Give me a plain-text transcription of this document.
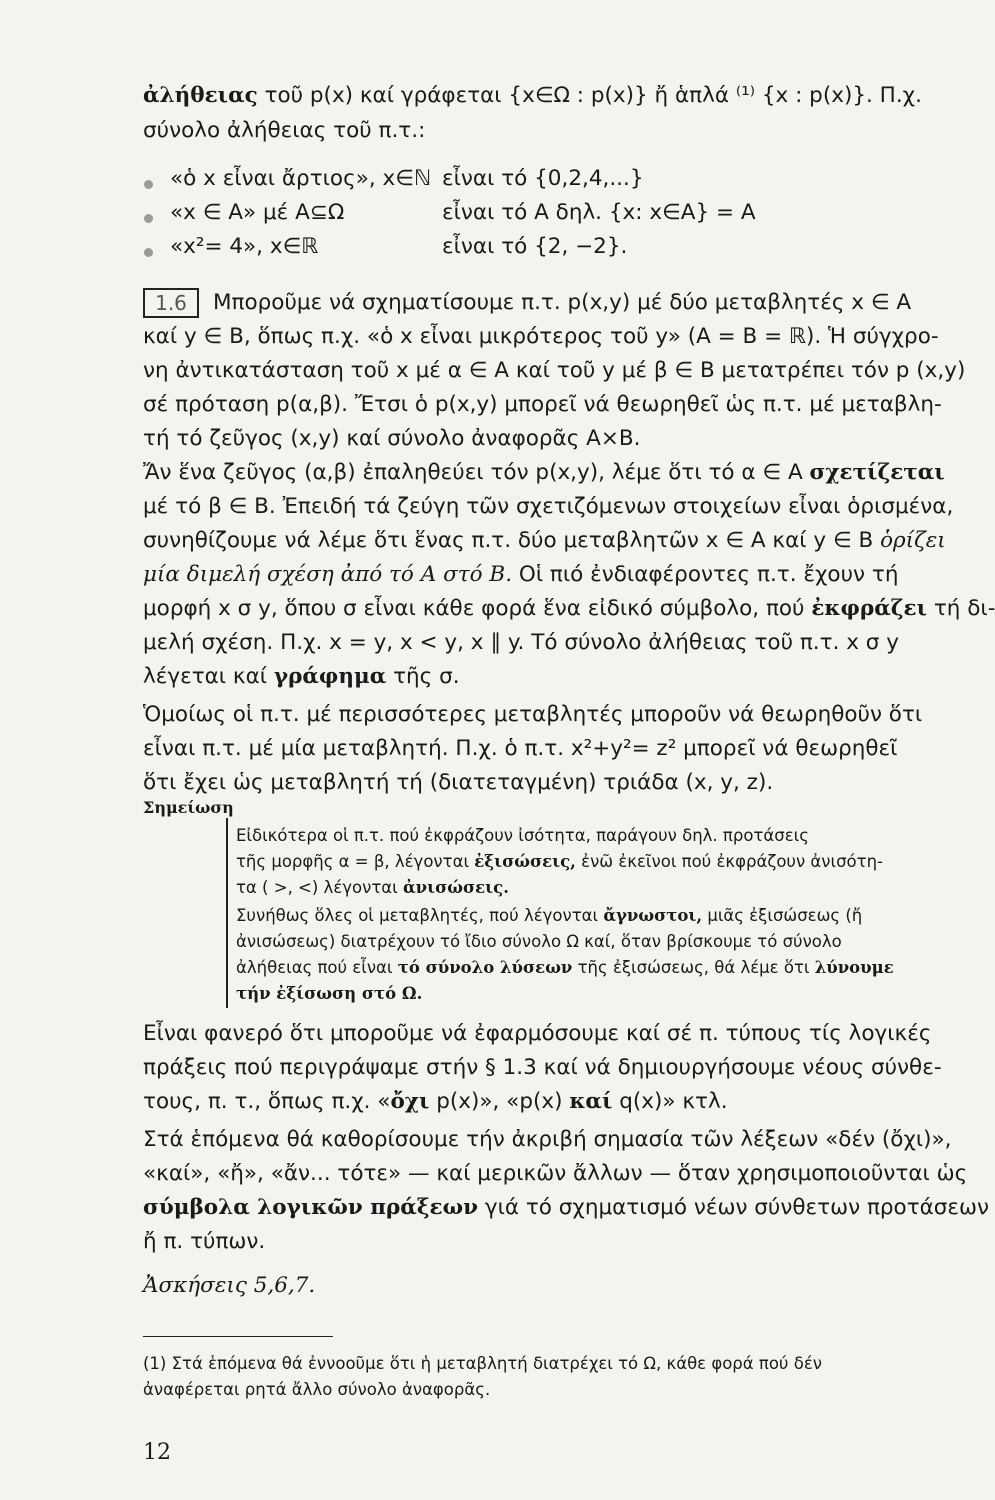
ἀλήθειας τοῦ p(x) καί γράφεται {x∈Ω : p(x)} ἤ ἁπλά ⁽¹⁾ {x : p(x)}. Π.χ.
σύνολο ἀλήθειας τοῦ π.τ.:
«ὁ x εἶναι ἄρτιος», x∈ℕ εἶναι τό {0,2,4,...}
«x ∈ A» μέ A⊆Ω	εἶναι τό A δηλ. {x: x∈A} = A
«x²= 4», x∈ℝ	εἶναι τό {2, −2}.
1.6	Μποροῦμε νά σχηματίσουμε π.τ. p(x,y) μέ δύο μεταβλητές x ∈ A
καί y ∈ B, ὅπως π.χ. «ὁ x εἶναι μικρότερος τοῦ y» (A = B = ℝ). Ἡ σύγχρο-
νη ἀντικατάσταση τοῦ x μέ α ∈ A καί τοῦ y μέ β ∈ B μετατρέπει τόν p (x,y)
σέ πρόταση p(α,β). Ἔτσι ὁ p(x,y) μπορεῖ νά θεωρηθεῖ ὡς π.τ. μέ μεταβλη-
τή τό ζεῦγος (x,y) καί σύνολο ἀναφορᾶς A×B.
Ἄν ἕνα ζεῦγος (α,β) ἐπαληθεύει τόν p(x,y), λέμε ὅτι τό α ∈ A σχετίζεται
μέ τό β ∈ B. Ἐπειδή τά ζεύγη τῶν σχετιζόμενων στοιχείων εἶναι ὁρισμένα,
συνηθίζουμε νά λέμε ὅτι ἕνας π.τ. δύο μεταβλητῶν x ∈ A καί y ∈ B ὁρίζει
μία διμελή σχέση ἀπό τό A στό B. Οἱ πιό ἐνδιαφέροντες π.τ. ἔχουν τή
μορφή x σ y, ὅπου σ εἶναι κάθε φορά ἕνα εἰδικό σύμβολο, πού ἐκφράζει τή δι-
μελή σχέση. Π.χ. x = y, x < y, x ∥ y. Τό σύνολο ἀλήθειας τοῦ π.τ. x σ y
λέγεται καί γράφημα τῆς σ.
Ὁμοίως οἱ π.τ. μέ περισσότερες μεταβλητές μποροῦν νά θεωρηθοῦν ὅτι
εἶναι π.τ. μέ μία μεταβλητή. Π.χ. ὁ π.τ. x²+y²= z² μπορεῖ νά θεωρηθεῖ
ὅτι ἔχει ὡς μεταβλητή τή (διατεταγμένη) τριάδα (x, y, z).
Σημείωση
Εἰδικότερα οἱ π.τ. πού ἐκφράζουν ἰσότητα, παράγουν δηλ. προτάσεις
τῆς μορφῆς α = β, λέγονται ἐξισώσεις, ἐνῶ ἐκεῖνοι πού ἐκφράζουν ἀνισότη-
τα ( >, <) λέγονται ἀνισώσεις.
Συνήθως ὅλες οἱ μεταβλητές, πού λέγονται ἄγνωστοι, μιᾶς ἐξισώσεως (ἤ
ἀνισώσεως) διατρέχουν τό ἴδιο σύνολο Ω καί, ὅταν βρίσκουμε τό σύνολο
ἀλήθειας πού εἶναι τό σύνολο λύσεων τῆς ἐξισώσεως, θά λέμε ὅτι λύνουμε
τήν ἐξίσωση στό Ω.
Εἶναι φανερό ὅτι μποροῦμε νά ἐφαρμόσουμε καί σέ π. τύπους τίς λογικές
πράξεις πού περιγράψαμε στήν § 1.3 καί νά δημιουργήσουμε νέους σύνθε-
τους, π. τ., ὅπως π.χ. «ὄχι p(x)», «p(x) καί q(x)» κτλ.
Στά ἑπόμενα θά καθορίσουμε τήν ἀκριβή σημασία τῶν λέξεων «δέν (ὄχι)»,
«καί», «ἤ», «ἄν... τότε» — καί μερικῶν ἄλλων — ὅταν χρησιμοποιοῦνται ὡς
σύμβολα λογικῶν πράξεων γιά τό σχηματισμό νέων σύνθετων προτάσεων
ἤ π. τύπων.
Ἀσκήσεις 5,6,7.
(1) Στά ἑπόμενα θά ἐννοοῦμε ὅτι ἡ μεταβλητή διατρέχει τό Ω, κάθε φορά πού δέν
ἀναφέρεται ρητά ἄλλο σύνολο ἀναφορᾶς.
12
